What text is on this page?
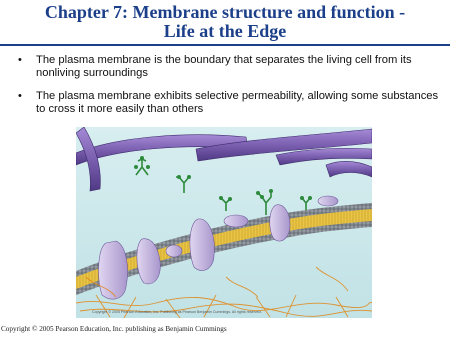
Chapter 7: Membrane structure and function -
Life at the Edge
• The plasma membrane is the boundary that separates the living cell from its nonliving surroundings
• The plasma membrane exhibits selective permeability, allowing some substances to cross it more easily than others
Copyright © 2005 Pearson Education, Inc. Publishing as Pearson Benjamin Cummings. All rights reserved.
Copyright © 2005 Pearson Education, Inc. publishing as Benjamin Cummings
